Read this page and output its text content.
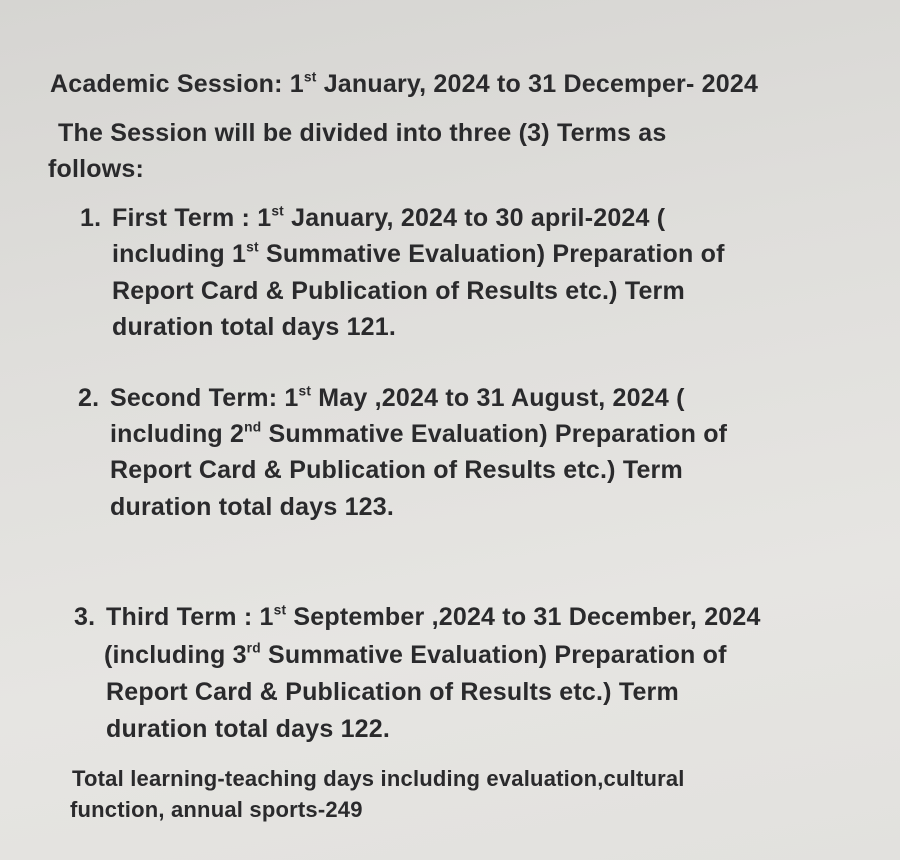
Academic Session: 1st January, 2024 to 31 Decemper- 2024
The Session will be divided into three (3) Terms as
follows:
1. First Term : 1st January, 2024 to 30 april-2024 (
including 1st Summative Evaluation) Preparation of
Report Card & Publication of Results etc.) Term
duration total days 121.
2. Second Term: 1st May ,2024 to 31 August, 2024 (
including 2nd Summative Evaluation) Preparation of
Report Card & Publication of Results etc.) Term
duration total days 123.
3. Third Term : 1st September ,2024 to 31 December, 2024
(including 3rd Summative Evaluation) Preparation of
Report Card & Publication of Results etc.) Term
duration total days 122.
Total learning-teaching days including evaluation,cultural
function, annual sports-249
